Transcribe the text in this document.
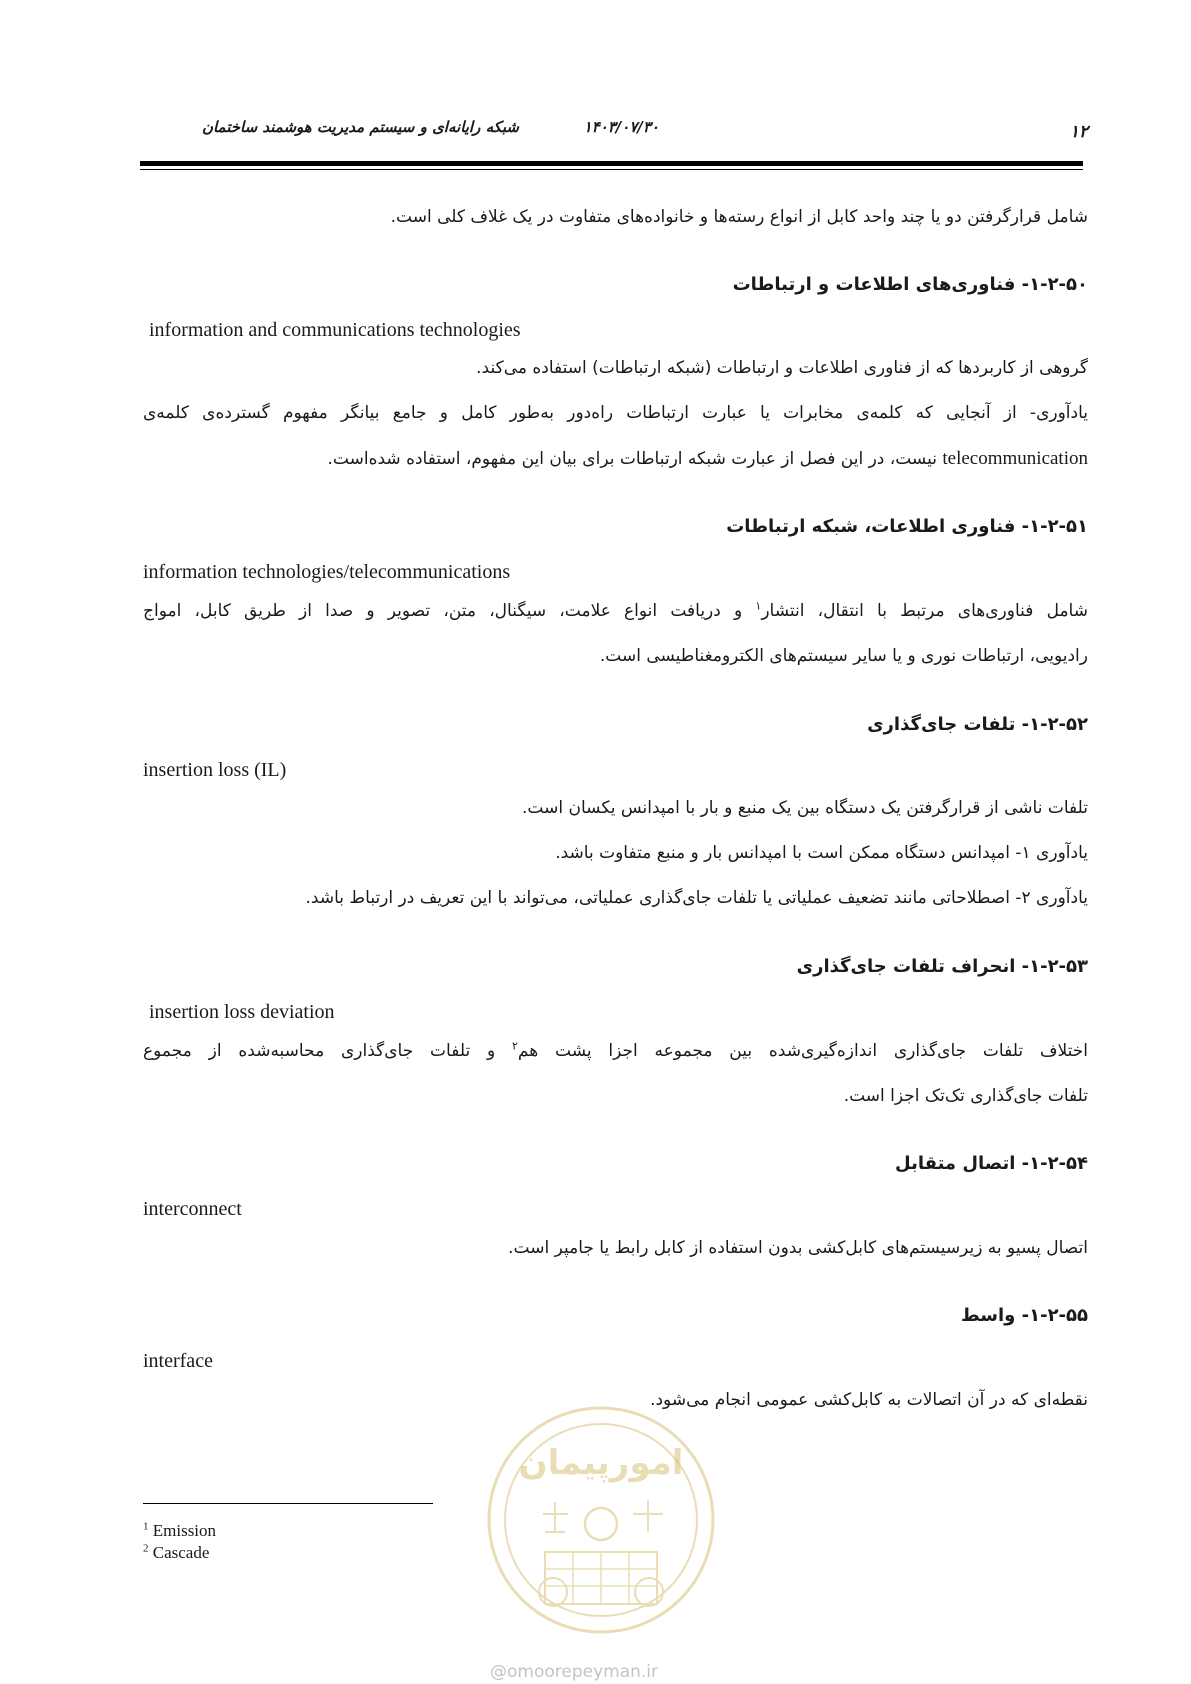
شبکه رایانه‌ای و سیستم مدیریت هوشمند ساختمان	۱۴۰۳/۰۷/۳۰	۱۲
شامل قرارگرفتن دو یا چند واحد کابل از انواع رسته‌ها و خانواده‌های متفاوت در یک غلاف کلی است.
۱-۲-۵۰- فناوری‌های اطلاعات و ارتباطات
information and communications technologies
گروهی از کاربردها که از فناوری اطلاعات و ارتباطات (شبکه ارتباطات) استفاده می‌کند.
یادآوری- از آنجایی که کلمه‌ی مخابرات یا عبارت ارتباطات راه‌دور به‌طور کامل و جامع بیانگر مفهوم گسترده‌ی کلمه‌ی
telecommunication نیست، در این فصل از عبارت شبکه ارتباطات برای بیان این مفهوم، استفاده شده‌است.
۱-۲-۵۱- فناوری اطلاعات، شبکه ارتباطات
information technologies/telecommunications
شامل فناوری‌های مرتبط با انتقال، انتشار$^۱$ و دریافت انواع علامت، سیگنال، متن، تصویر و صدا از طریق کابل، امواج
رادیویی، ارتباطات نوری و یا سایر سیستم‌های الکترومغناطیسی است.
۱-۲-۵۲- تلفات جای‌گذاری
insertion loss (IL)
تلفات ناشی از قرارگرفتن یک دستگاه بین یک منبع و بار با امپدانس یکسان است.
یادآوری ۱- امپدانس دستگاه ممکن است با امپدانس بار و منبع متفاوت باشد.
یادآوری ۲- اصطلاحاتی مانند تضعیف عملیاتی یا تلفات جای‌گذاری عملیاتی، می‌تواند با این تعریف در ارتباط باشد.
۱-۲-۵۳- انحراف تلفات جای‌گذاری
insertion loss deviation
اختلاف تلفات جای‌گذاری اندازه‌گیری‌شده بین مجموعه اجزا پشت هم$^۲$ و تلفات جای‌گذاری محاسبه‌شده از مجموع
تلفات جای‌گذاری تک‌تک اجزا است.
۱-۲-۵۴- اتصال متقابل
interconnect
اتصال پسیو به زیرسیستم‌های کابل‌کشی بدون استفاده از کابل رابط یا جامپر است.
۱-۲-۵۵- واسط
interface
نقطه‌ای که در آن اتصالات به کابل‌کشی عمومی انجام می‌شود.
امورپیمان
@omoorepeyman.ir
$^1$ Emission
$^2$ Cascade
